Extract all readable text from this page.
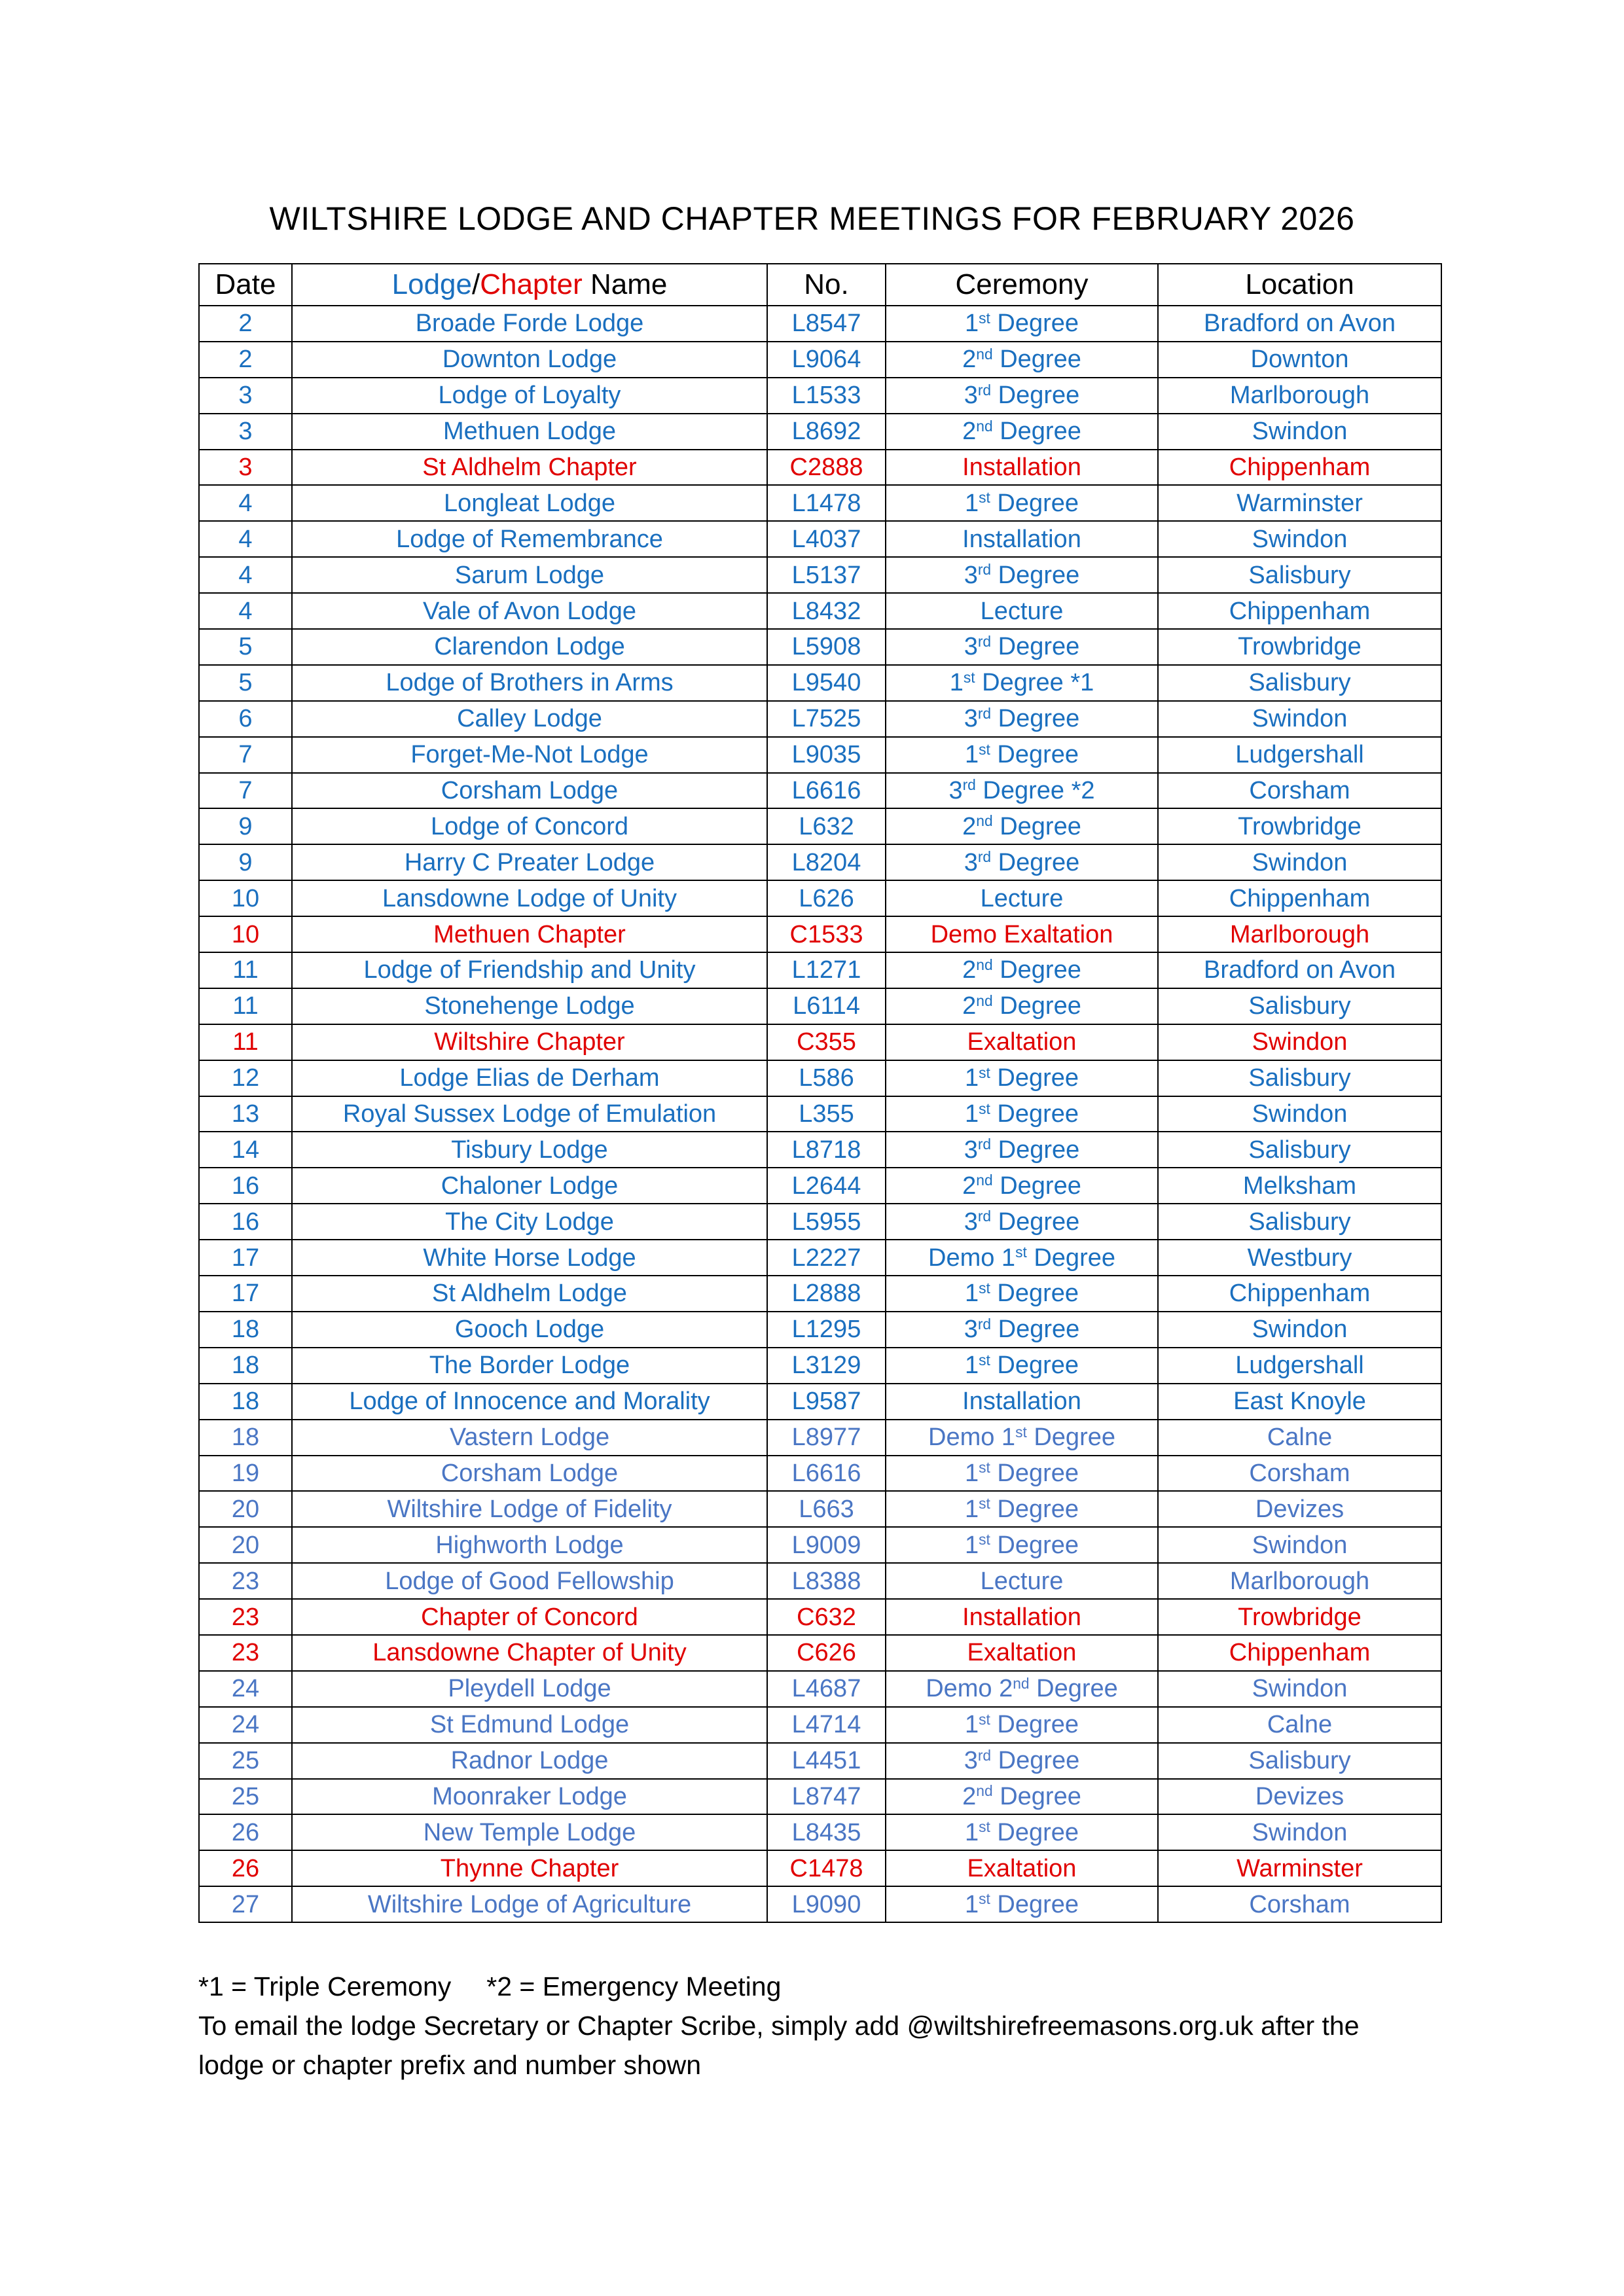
WILTSHIRE LODGE AND CHAPTER MEETINGS FOR FEBRUARY 2026
Date	Lodge/Chapter Name	No.	Ceremony	Location
2	Broade Forde Lodge	L8547	1st Degree	Bradford on Avon
2	Downton Lodge	L9064	2nd Degree	Downton
3	Lodge of Loyalty	L1533	3rd Degree	Marlborough
3	Methuen Lodge	L8692	2nd Degree	Swindon
3	St Aldhelm Chapter	C2888	Installation	Chippenham
4	Longleat Lodge	L1478	1st Degree	Warminster
4	Lodge of Remembrance	L4037	Installation	Swindon
4	Sarum Lodge	L5137	3rd Degree	Salisbury
4	Vale of Avon Lodge	L8432	Lecture	Chippenham
5	Clarendon Lodge	L5908	3rd Degree	Trowbridge
5	Lodge of Brothers in Arms	L9540	1st Degree *1	Salisbury
6	Calley Lodge	L7525	3rd Degree	Swindon
7	Forget-Me-Not Lodge	L9035	1st Degree	Ludgershall
7	Corsham Lodge	L6616	3rd Degree *2	Corsham
9	Lodge of Concord	L632	2nd Degree	Trowbridge
9	Harry C Preater Lodge	L8204	3rd Degree	Swindon
10	Lansdowne Lodge of Unity	L626	Lecture	Chippenham
10	Methuen Chapter	C1533	Demo Exaltation	Marlborough
11	Lodge of Friendship and Unity	L1271	2nd Degree	Bradford on Avon
11	Stonehenge Lodge	L6114	2nd Degree	Salisbury
11	Wiltshire Chapter	C355	Exaltation	Swindon
12	Lodge Elias de Derham	L586	1st Degree	Salisbury
13	Royal Sussex Lodge of Emulation	L355	1st Degree	Swindon
14	Tisbury Lodge	L8718	3rd Degree	Salisbury
16	Chaloner Lodge	L2644	2nd Degree	Melksham
16	The City Lodge	L5955	3rd Degree	Salisbury
17	White Horse Lodge	L2227	Demo 1st Degree	Westbury
17	St Aldhelm Lodge	L2888	1st Degree	Chippenham
18	Gooch Lodge	L1295	3rd Degree	Swindon
18	The Border Lodge	L3129	1st Degree	Ludgershall
18	Lodge of Innocence and Morality	L9587	Installation	East Knoyle
18	Vastern Lodge	L8977	Demo 1st Degree	Calne
19	Corsham Lodge	L6616	1st Degree	Corsham
20	Wiltshire Lodge of Fidelity	L663	1st Degree	Devizes
20	Highworth Lodge	L9009	1st Degree	Swindon
23	Lodge of Good Fellowship	L8388	Lecture	Marlborough
23	Chapter of Concord	C632	Installation	Trowbridge
23	Lansdowne Chapter of Unity	C626	Exaltation	Chippenham
24	Pleydell Lodge	L4687	Demo 2nd Degree	Swindon
24	St Edmund Lodge	L4714	1st Degree	Calne
25	Radnor Lodge	L4451	3rd Degree	Salisbury
25	Moonraker Lodge	L8747	2nd Degree	Devizes
26	New Temple Lodge	L8435	1st Degree	Swindon
26	Thynne Chapter	C1478	Exaltation	Warminster
27	Wiltshire Lodge of Agriculture	L9090	1st Degree	Corsham
*1 = Triple Ceremony *2 = Emergency Meeting
To email the lodge Secretary or Chapter Scribe, simply add @wiltshirefreemasons.org.uk after the
lodge or chapter prefix and number shown
